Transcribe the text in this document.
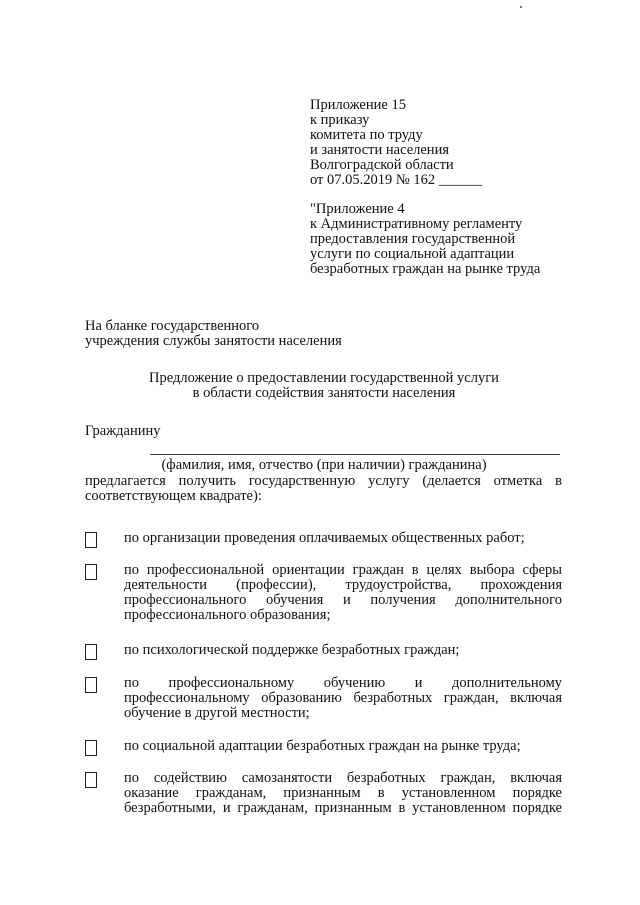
Приложение 15
к приказу
комитета по труду
и занятости населения
Волгоградской области
от 07.05.2019 № 162 ______
"Приложение 4
к Административному регламенту
предоставления государственной
услуги по социальной адаптации
безработных граждан на рынке труда
На бланке государственного
учреждения службы занятости населения
Предложение о предоставлении государственной услуги
в области содействия занятости населения
Гражданину
(фамилия, имя, отчество (при наличии) гражданина)
предлагается получить государственную услугу (делается отметка в соответствующем квадрате):
по организации проведения оплачиваемых общественных работ;
по профессиональной ориентации граждан в целях выбора сферы деятельности (профессии), трудоустройства, прохождения профессионального обучения и получения дополнительного профессионального образования;
по психологической поддержке безработных граждан;
по профессиональному обучению и дополнительному профессиональному образованию безработных граждан, включая обучение в другой местности;
по социальной адаптации безработных граждан на рынке труда;
по содействию самозанятости безработных граждан, включая оказание гражданам, признанным в установленном порядке безработными, и гражданам, признанным в установленном порядке
